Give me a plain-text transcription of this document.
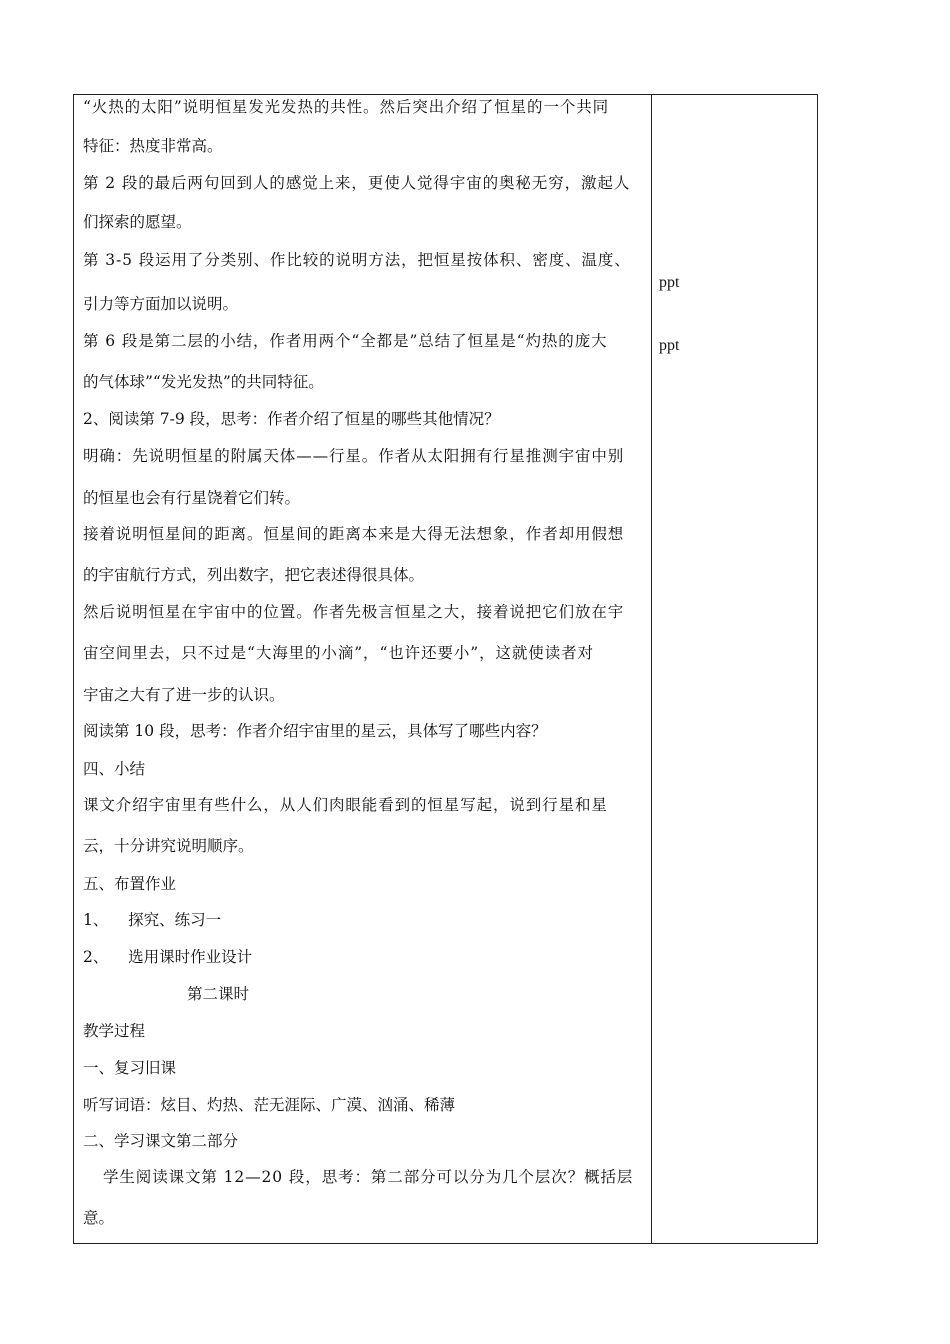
“火热的太阳”说明恒星发光发热的共性。然后突出介绍了恒星的一个共同
特征：热度非常高。
第 2 段的最后两句回到人的感觉上来，更使人觉得宇宙的奥秘无穷，激起人
们探索的愿望。
第 3-5 段运用了分类别、作比较的说明方法，把恒星按体积、密度、温度、
引力等方面加以说明。
第 6 段是第二层的小结，作者用两个“全都是”总结了恒星是“灼热的庞大
的气体球”“发光发热”的共同特征。
2、阅读第 7-9 段，思考：作者介绍了恒星的哪些其他情况？
明确：先说明恒星的附属天体——行星。作者从太阳拥有行星推测宇宙中别
的恒星也会有行星饶着它们转。
接着说明恒星间的距离。恒星间的距离本来是大得无法想象，作者却用假想
的宇宙航行方式，列出数字，把它表述得很具体。
然后说明恒星在宇宙中的位置。作者先极言恒星之大，接着说把它们放在宇
宙空间里去，只不过是“大海里的小滴”，“也许还要小”，这就使读者对
宇宙之大有了进一步的认识。
阅读第 10 段，思考：作者介绍宇宙里的星云，具体写了哪些内容？
四、小结
课文介绍宇宙里有些什么，从人们肉眼能看到的恒星写起，说到行星和星
云，十分讲究说明顺序。
五、布置作业
1、    探究、练习一
2、    选用课时作业设计
第二课时
教学过程
一、复习旧课
听写词语：炫目、灼热、茫无涯际、广漠、汹涌、稀薄
二、学习课文第二部分
学生阅读课文第 12—20 段，思考：第二部分可以分为几个层次？概括层
意。
ppt
ppt
